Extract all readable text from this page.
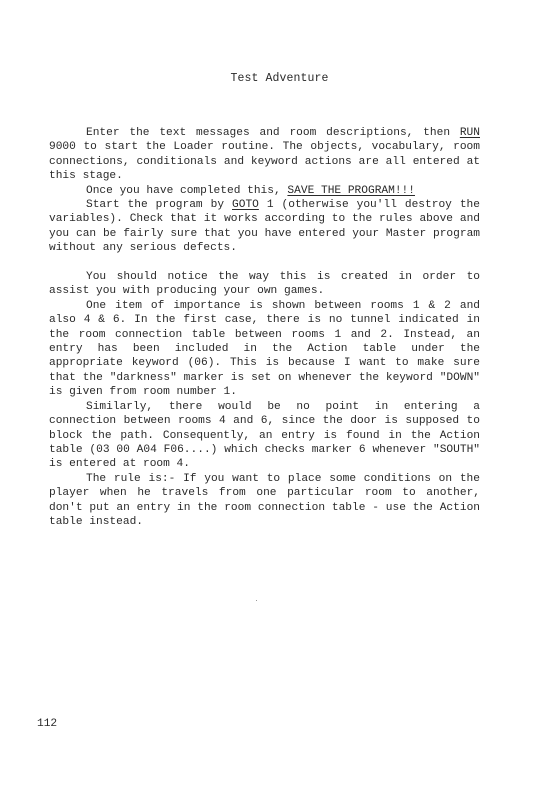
Test Adventure

Enter the text messages and room descriptions, then RUN 9000 to start the Loader routine. The objects, vocabulary, room connections, conditionals and keyword actions are all entered at this stage.

Once you have completed this, SAVE THE PROGRAM!!!

Start the program by GOTO 1 (otherwise you'll destroy the variables). Check that it works according to the rules above and you can be fairly sure that you have entered your Master program without any serious defects.

You should notice the way this is created in order to assist you with producing your own games.

One item of importance is shown between rooms 1 & 2 and also 4 & 6. In the first case, there is no tunnel indicated in the room connection table between rooms 1 and 2. Instead, an entry has been included in the Action table under the appropriate keyword (06). This is because I want to make sure that the "darkness" marker is set on whenever the keyword "DOWN" is given from room number 1.

Similarly, there would be no point in entering a connection between rooms 4 and 6, since the door is supposed to block the path. Consequently, an entry is found in the Action table (03 00 A04 F06....) which checks marker 6 whenever "SOUTH" is entered at room 4.

The rule is:- If you want to place some conditions on the player when he travels from one particular room to another, don't put an entry in the room connection table - use the Action table instead.

112
